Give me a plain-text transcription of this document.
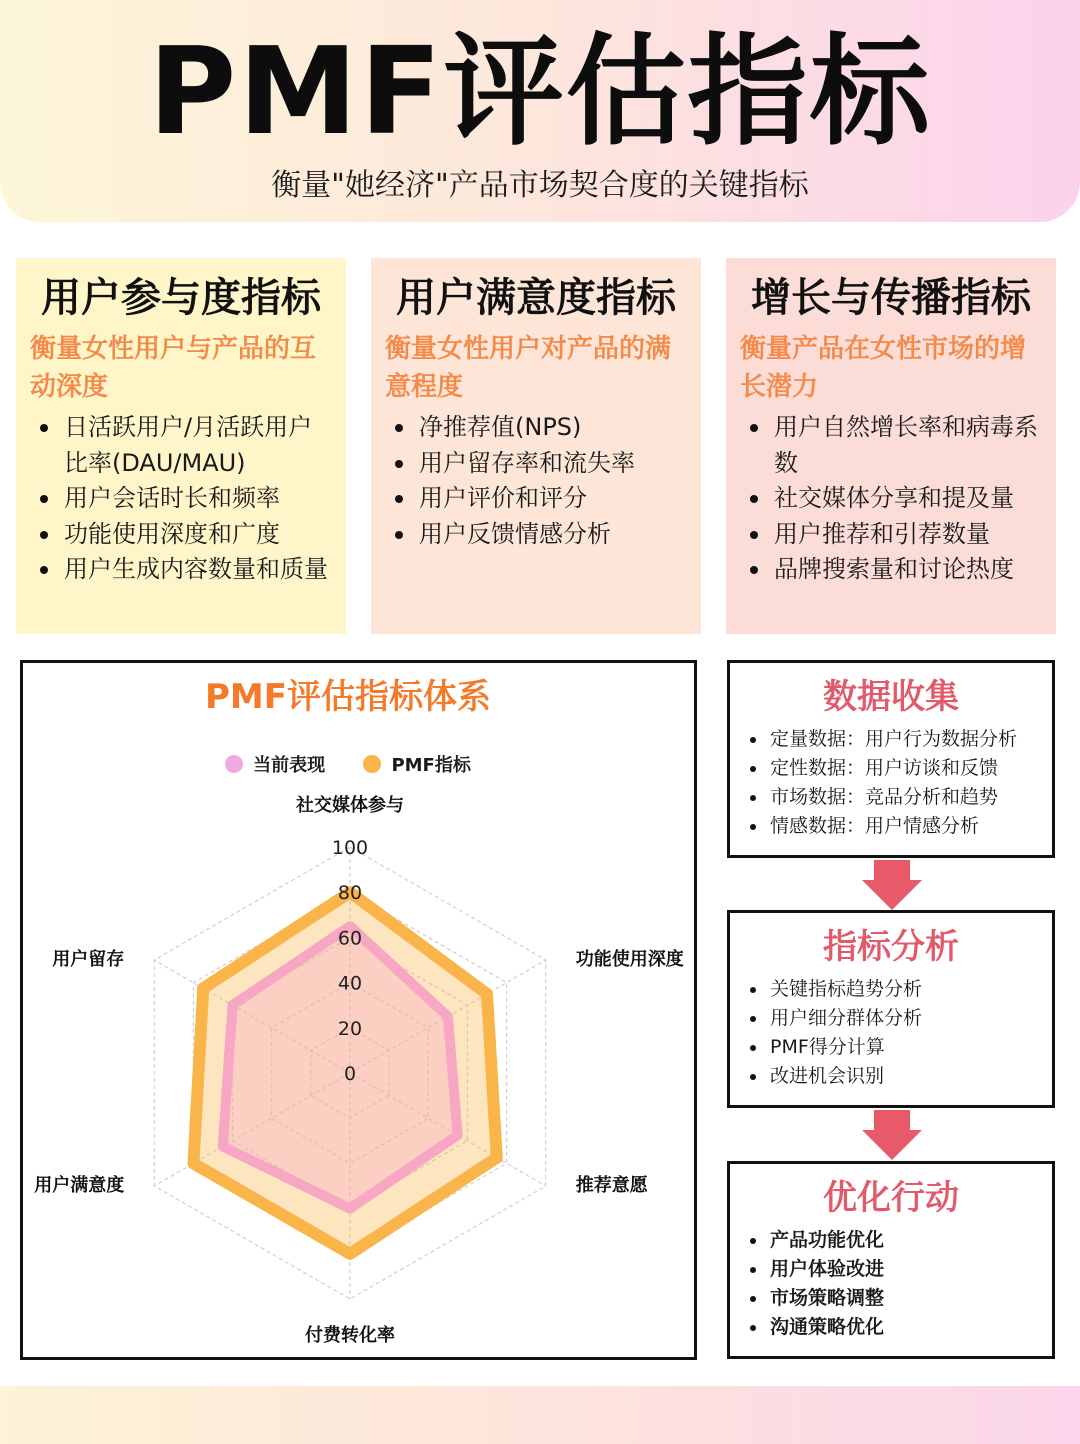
PMF评估指标
衡量"她经济"产品市场契合度的关键指标
用户参与度指标
衡量女性用户与产品的互动深度
日活跃用户/月活跃用户比率(DAU/MAU)
用户会话时长和频率
功能使用深度和广度
用户生成内容数量和质量
用户满意度指标
衡量女性用户对产品的满意程度
净推荐值(NPS)
用户留存率和流失率
用户评价和评分
用户反馈情感分析
增长与传播指标
衡量产品在女性市场的增长潜力
用户自然增长率和病毒系数
社交媒体分享和提及量
用户推荐和引荐数量
品牌搜索量和讨论热度
PMF评估指标体系
当前表现
	PMF指标
0
20
40
60
80
100
社交媒体参与
功能使用深度
推荐意愿
付费转化率
用户满意度
用户留存
数据收集
定量数据：用户行为数据分析
定性数据：用户访谈和反馈
市场数据：竞品分析和趋势
情感数据：用户情感分析
指标分析
关键指标趋势分析
用户细分群体分析
PMF得分计算
改进机会识别
优化行动
产品功能优化
用户体验改进
市场策略调整
沟通策略优化
